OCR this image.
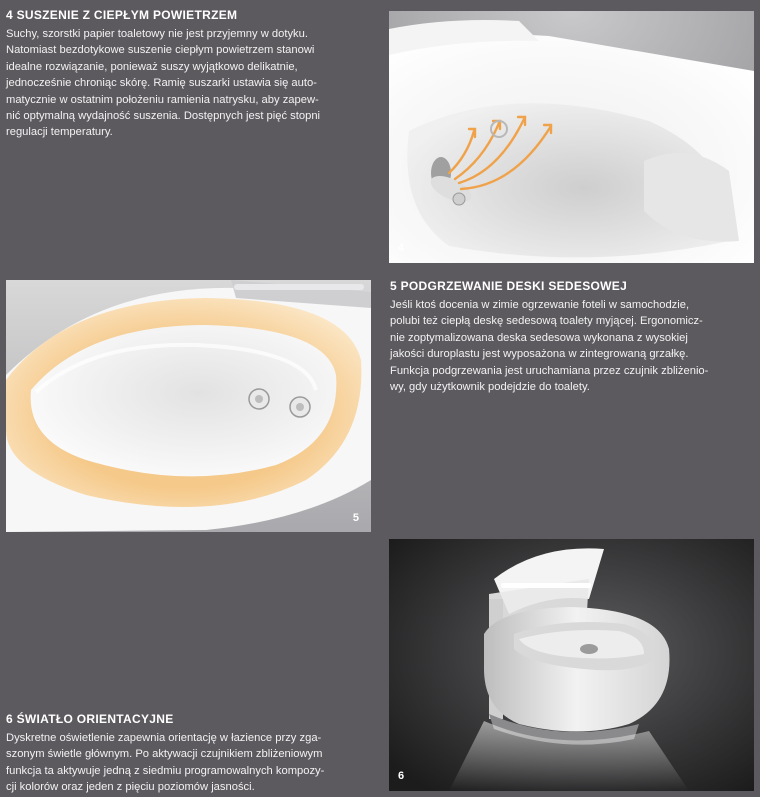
4 SUSZENIE Z CIEPŁYM POWIETRZEM

Suchy, szorstki papier toaletowy nie jest przyjemny w dotyku.
Natomiast bezdotykowe suszenie ciepłym powietrzem stanowi
idealne rozwiązanie, ponieważ suszy wyjątkowo delikatnie,
jednocześnie chroniąc skórę. Ramię suszarki ustawia się auto-
matycznie w ostatnim położeniu ramienia natrysku, aby zapew-
nić optymalną wydajność suszenia. Dostępnych jest pięć stopni
regulacji temperatury.

4
5
5 PODGRZEWANIE DESKI SEDESOWEJ

Jeśli ktoś docenia w zimie ogrzewanie foteli w samochodzie,
polubi też ciepłą deskę sedesową toalety myjącej. Ergonomicz-
nie zoptymalizowana deska sedesowa wykonana z wysokiej
jakości duroplastu jest wyposażona w zintegrowaną grzałkę.
Funkcja podgrzewania jest uruchamiana przez czujnik zbliżenio-
wy, gdy użytkownik podejdzie do toalety.

6
6 ŚWIATŁO ORIENTACYJNE

Dyskretne oświetlenie zapewnia orientację w łazience przy zga-
szonym świetle głównym. Po aktywacji czujnikiem zbliżeniowym
funkcja ta aktywuje jedną z siedmiu programowalnych kompozy-
cji kolorów oraz jeden z pięciu poziomów jasności.
